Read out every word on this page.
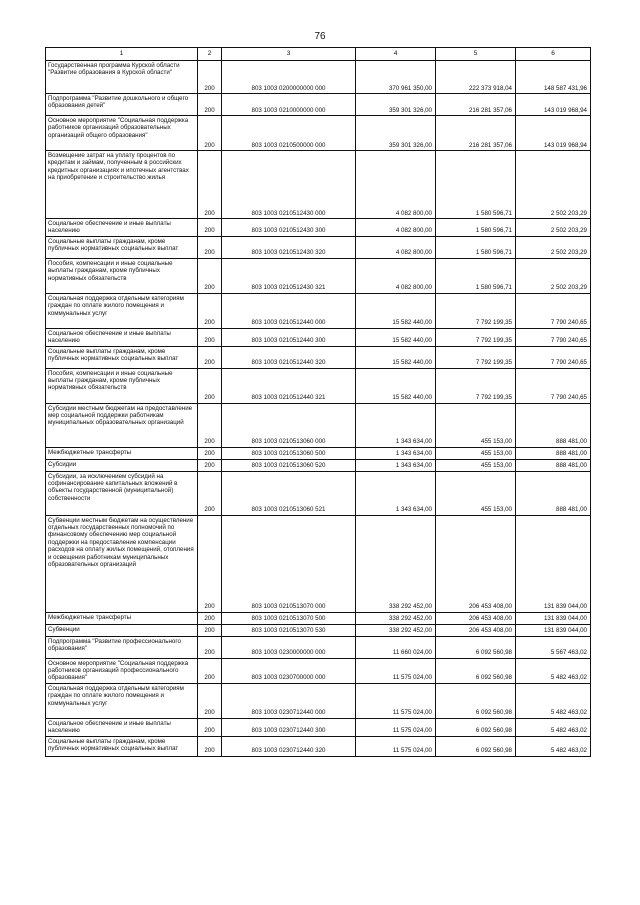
76
1	2	3	4	5	6
Государственная программа Курской области "Развитие образования в Курской области"	200	803 1003 0200000000 000	370 961 350,00	222 373 918,04	148 587 431,96
Подпрограмма "Развитие дошкольного и общего образования детей"	200	803 1003 0210000000 000	359 301 326,00	216 281 357,06	143 019 968,94
Основное мероприятие "Социальная поддержка работников организаций образовательных организаций общего образования"	200	803 1003 0210500000 000	359 301 326,00	216 281 357,06	143 019 968,94
Возмещение затрат на уплату процентов по кредитам и займам, полученным в российских кредитных организациях и ипотечных агентствах на приобретение и строительство жилья	200	803 1003 0210512430 000	4 082 800,00	1 580 596,71	2 502 203,29
Социальное обеспечение и иные выплаты населению	200	803 1003 0210512430 300	4 082 800,00	1 580 596,71	2 502 203,29
Социальные выплаты гражданам, кроме публичных нормативных социальных выплат	200	803 1003 0210512430 320	4 082 800,00	1 580 596,71	2 502 203,29
Пособия, компенсации и иные социальные выплаты гражданам, кроме публичных нормативных обязательств	200	803 1003 0210512430 321	4 082 800,00	1 580 596,71	2 502 203,29
Социальная поддержка отдельным категориям граждан по оплате жилого помещения и коммунальных услуг	200	803 1003 0210512440 000	15 582 440,00	7 792 199,35	7 790 240,65
Социальное обеспечение и иные выплаты населению	200	803 1003 0210512440 300	15 582 440,00	7 792 199,35	7 790 240,65
Социальные выплаты гражданам, кроме публичных нормативных социальных выплат	200	803 1003 0210512440 320	15 582 440,00	7 792 199,35	7 790 240,65
Пособия, компенсации и иные социальные выплаты гражданам, кроме публичных нормативных обязательств	200	803 1003 0210512440 321	15 582 440,00	7 792 199,35	7 790 240,65
Субсидии местным бюджетам на предоставление мер социальной поддержки работникам муниципальных образовательных организаций	200	803 1003 0210513060 000	1 343 634,00	455 153,00	888 481,00
Межбюджетные трансферты	200	803 1003 0210513060 500	1 343 634,00	455 153,00	888 481,00
Субсидии	200	803 1003 0210513060 520	1 343 634,00	455 153,00	888 481,00
Субсидии, за исключением субсидий на софинансирование капитальных вложений в объекты государственной (муниципальной) собственности	200	803 1003 0210513060 521	1 343 634,00	455 153,00	888 481,00
Субвенции местным бюджетам на осуществление отдельных государственных полномочий по финансовому обеспечению мер социальной поддержки на предоставление компенсации расходов на оплату жилых помещений, отопления и освещения работникам муниципальных образовательных организаций	200	803 1003 0210513070 000	338 292 452,00	206 453 408,00	131 839 044,00
Межбюджетные трансферты	200	803 1003 0210513070 500	338 292 452,00	206 453 408,00	131 839 044,00
Субвенции	200	803 1003 0210513070 530	338 292 452,00	206 453 408,00	131 839 044,00
Подпрограмма "Развитие профессионального образования"	200	803 1003 0230000000 000	11 660 024,00	6 092 560,98	5 567 463,02
Основное мероприятие "Социальная поддержка работников организаций профессионального образования"	200	803 1003 0230700000 000	11 575 024,00	6 092 560,98	5 482 463,02
Социальная поддержка отдельным категориям граждан по оплате жилого помещения и коммунальных услуг	200	803 1003 0230712440 000	11 575 024,00	6 092 560,98	5 482 463,02
Социальное обеспечение и иные выплаты населению	200	803 1003 0230712440 300	11 575 024,00	6 092 560,98	5 482 463,02
Социальные выплаты гражданам, кроме публичных нормативных социальных выплат	200	803 1003 0230712440 320	11 575 024,00	6 092 560,98	5 482 463,02
